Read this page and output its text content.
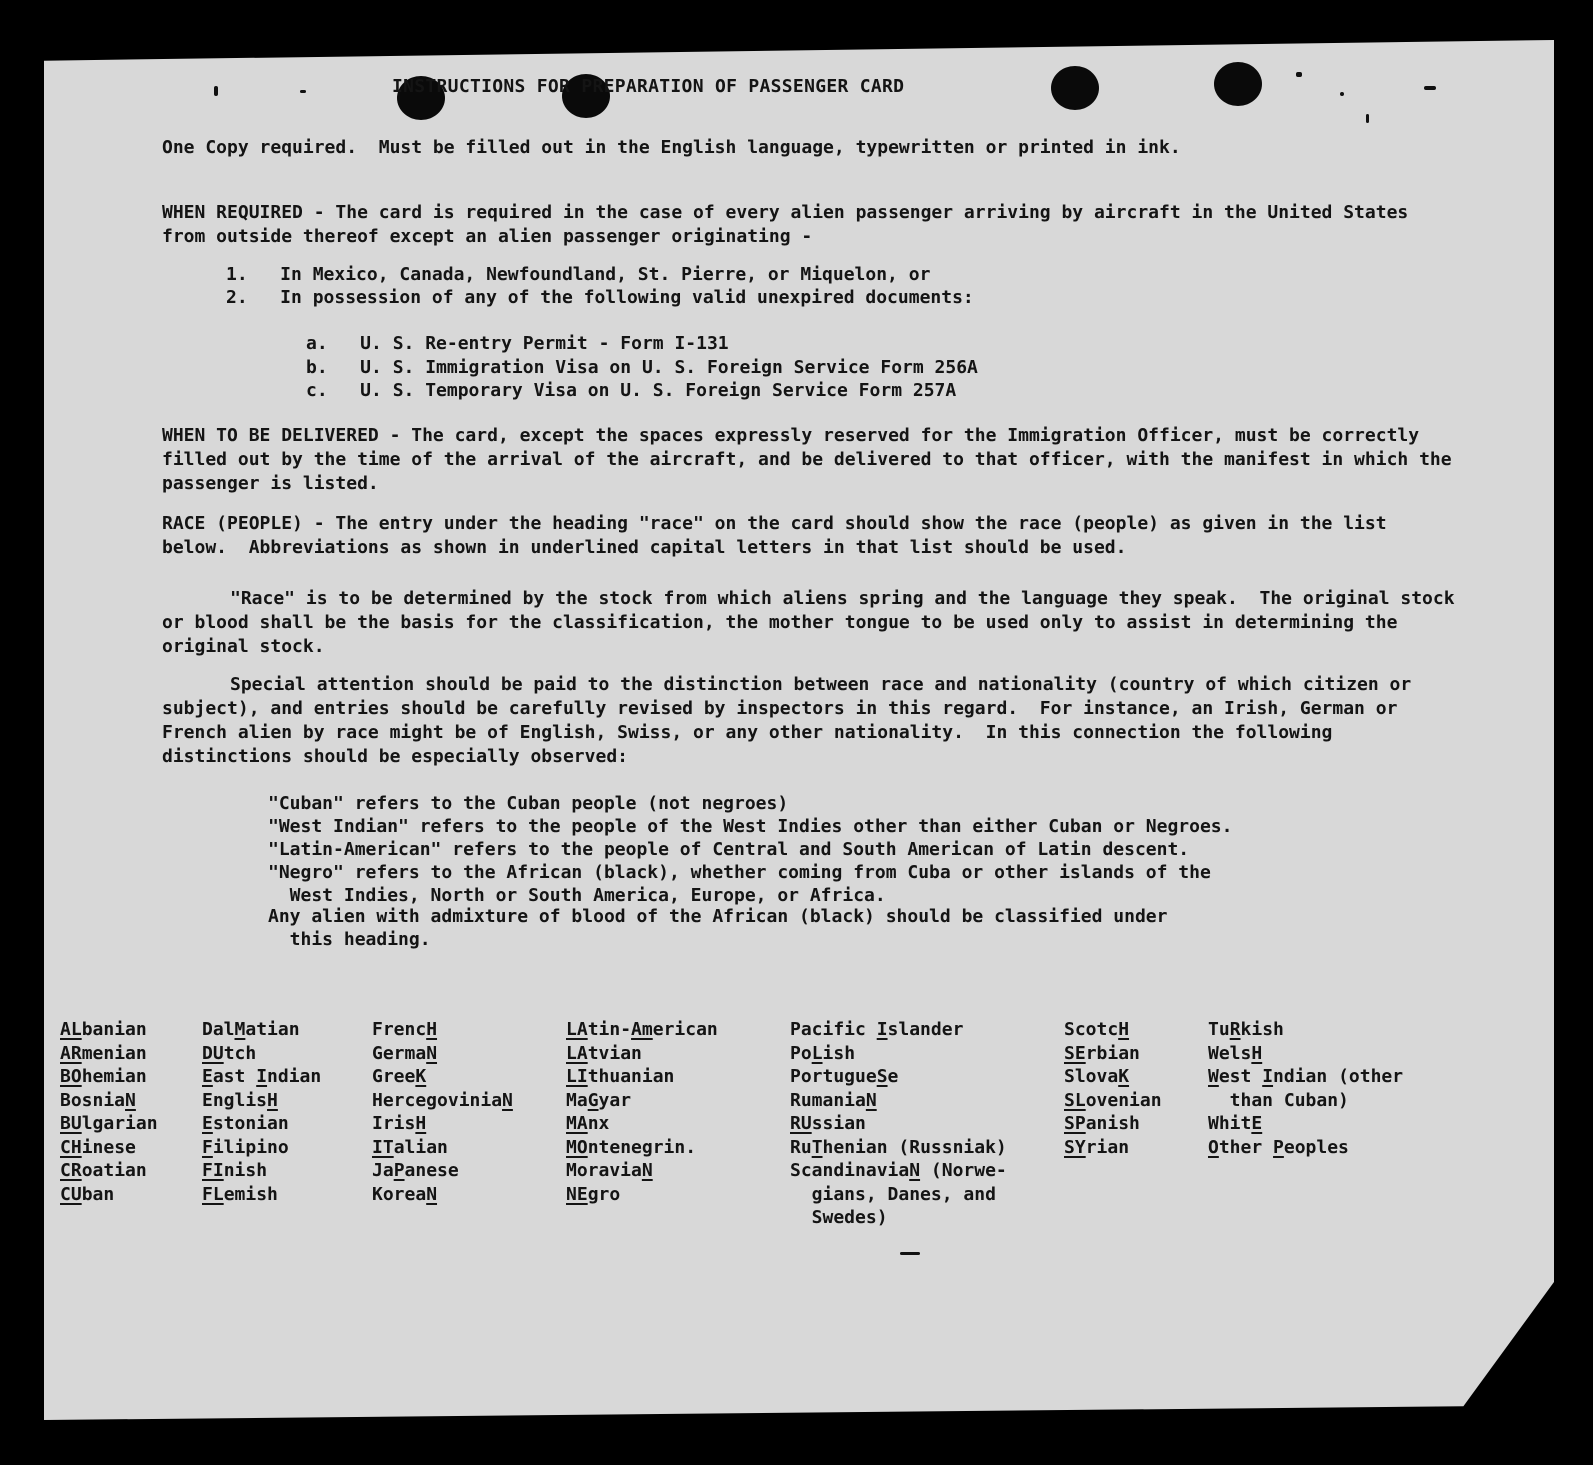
INSTRUCTIONS FOR PREPARATION OF PASSENGER CARD

One Copy required.  Must be filled out in the English language, typewritten or printed in ink.

WHEN REQUIRED - The card is required in the case of every alien passenger arriving by aircraft in the United States from outside thereof except an alien passenger originating -

1.   In Mexico, Canada, Newfoundland, St. Pierre, or Miquelon, or
2.   In possession of any of the following valid unexpired documents:
a.   U. S. Re-entry Permit - Form I-131
b.   U. S. Immigration Visa on U. S. Foreign Service Form 256A
c.   U. S. Temporary Visa on U. S. Foreign Service Form 257A

WHEN TO BE DELIVERED - The card, except the spaces expressly reserved for the Immigration Officer, must be correctly filled out by the time of the arrival of the aircraft, and be delivered to that officer, with the manifest in which the passenger is listed.

RACE (PEOPLE) - The entry under the heading "race" on the card should show the race (people) as given in the list below.  Abbreviations as shown in underlined capital letters in that list should be used.

"Race" is to be determined by the stock from which aliens spring and the language they speak.  The original stock or blood shall be the basis for the classification, the mother tongue to be used only to assist in determining the original stock.

Special attention should be paid to the distinction between race and nationality (country of which citizen or subject), and entries should be carefully revised by inspectors in this regard.  For instance, an Irish, German or French alien by race might be of English, Swiss, or any other nationality.  In this connection the following distinctions should be especially observed:

"Cuban" refers to the Cuban people (not negroes)
"West Indian" refers to the people of the West Indies other than either Cuban or Negroes.
"Latin-American" refers to the people of Central and South American of Latin descent.
"Negro" refers to the African (black), whether coming from Cuba or other islands of the
West Indies, North or South America, Europe, or Africa.
Any alien with admixture of blood of the African (black) should be classified under
this heading.
ALbanian
ARmenian
BOhemian
BosniaN
BUlgarian
CHinese
CRoatian
CUban
DalMatian
DUtch
East Indian
EnglisH
Estonian
Filipino
FInish
FLemish
FrencH
GermaN
GreeK
HercegoviniaN
IrisH
ITalian
JaPanese
KoreaN
LAtin-American
LAtvian
LIthuanian
MaGyar
MAnx
MOntenegrin.
MoraviaN
NEgro
Pacific Islander
PoLish
PortugueSe
RumaniaN
RUssian
RuThenian (Russniak)
ScandinaviaN (Norwe-
gians, Danes, and
Swedes)
ScotcH
SErbian
SlovaK
SLovenian
SPanish
SYrian
TuRkish
WelsH
West Indian (other
than Cuban)
WhitE
Other Peoples
